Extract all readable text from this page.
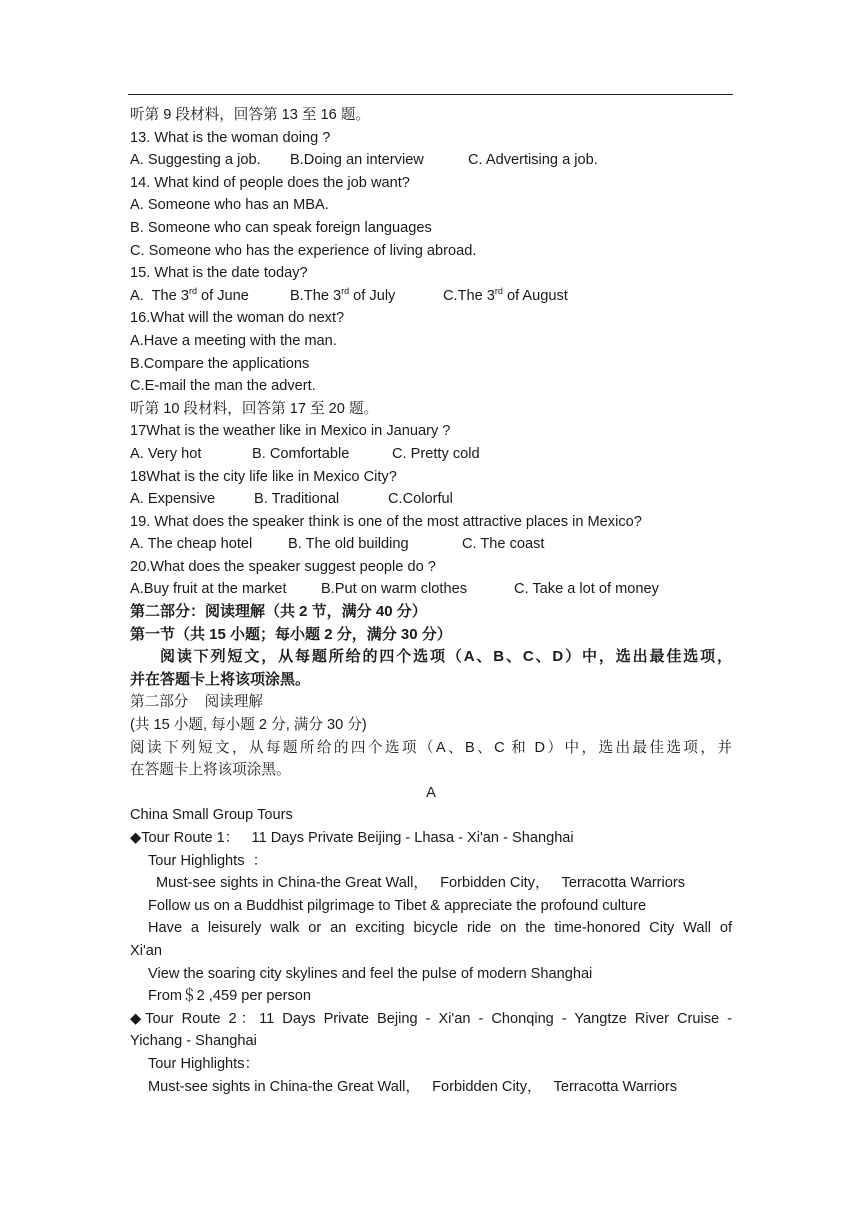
听第 9 段材料，回答第 13 至 16 题。
13. What is the woman doing ?
A. Suggesting a job. B.Doing an interview	C. Advertising a job.
14. What kind of people does the job want?
A. Someone who has an MBA.
B. Someone who can speak foreign languages
C. Someone who has the experience of living abroad.
15. What is the date today?
A.  The 3rd of June	B.The 3rd of July	C.The 3rd of August
16.What will the woman do next?
A.Have a meeting with the man.
B.Compare the applications
C.E-mail the man the advert.
听第 10 段材料，回答第 17 至 20 题。
17What is the weather like in Mexico in January ?
A. Very hot	B. Comfortable	C. Pretty cold
18What is the city life like in Mexico City?
A. Expensive	B. Traditional	C.Colorful
19. What does the speaker think is one of the most attractive places in Mexico?
A. The cheap hotel B. The old building	C. The coast
20.What does the speaker suggest people do ?
A.Buy fruit at the market B.Put on warm clothes	C. Take a lot of money
第二部分：阅读理解（共 2 节，满分 40 分）
第一节（共 15 小题；每小题 2 分，满分 30 分）
阅读下列短文，从每题所给的四个选项（A、B、C、D）中，选出最佳选项，
并在答题卡上将该项涂黑。
第二部分    阅读理解
(共 15 小题, 每小题 2 分, 满分 30 分)
阅读下列短文，从每题所给的四个选项（A、B、C 和 D）中，选出最佳选项，并
在答题卡上将该项涂黑。
A
China Small Group Tours
◆Tour Route 1：   11 Days Private Beijing - Lhasa - Xi'an - Shanghai
Tour Highlights  ：
Must-see sights in China-the Great Wall，   Forbidden City，   Terracotta Warriors
Follow us on a Buddhist pilgrimage to Tibet & appreciate the profound culture
Have a leisurely walk or an exciting bicycle ride on the time-honored City Wall of
Xi'an
View the soaring city skylines and feel the pulse of modern Shanghai
From＄2 ,459 per person
◆Tour Route 2：11 Days Private Bejing - Xi'an - Chonqing - Yangtze River Cruise -
Yichang - Shanghai
Tour Highlights：
Must-see sights in China-the Great Wall，   Forbidden City，   Terracotta Warriors
